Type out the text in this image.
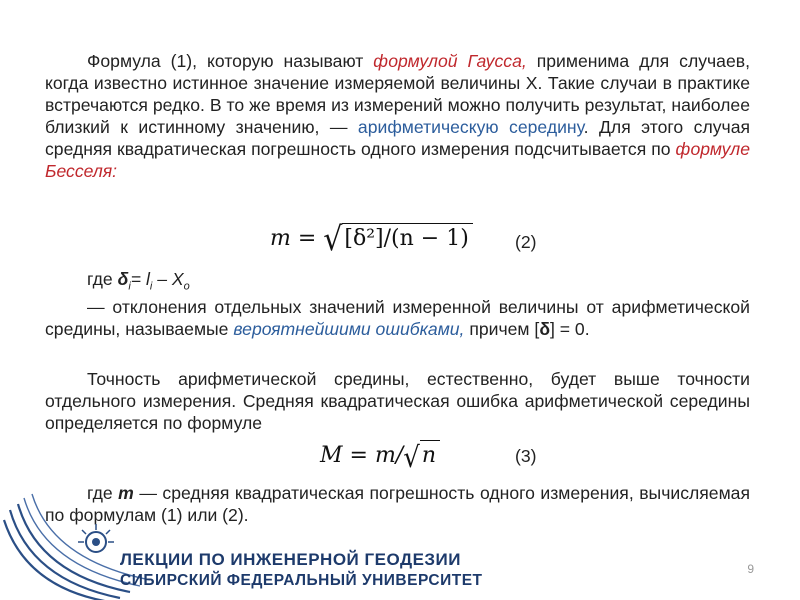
Формула (1), которую называют формулой Гаусса, применима для случаев, когда известно истинное значение измеряемой величины Х. Такие случаи в практике встречаются редко. В то же время из измерений можно получить результат, наиболее близкий к истинному значению, — арифметическую середину. Для этого случая средняя квадратическая погрешность одного измерения подсчитывается по формуле Бесселя:

m = √[δ²]/(n − 1)	(2)

где $\delta_i= l_i - X_o$

— отклонения отдельных значений измеренной величины от арифметической средины, называемые вероятнейшими ошибками, причем [δ] = 0.

Точность арифметической средины, естественно, будет выше точности отдельного измерения. Средняя квадратическая ошибка арифметической середины определяется по формуле

M = m/√n	(3)

где m — средняя квадратическая погрешность одного измерения, вычисляемая по формулам (1) или (2).

ЛЕКЦИИ ПО ИНЖЕНЕРНОЙ ГЕОДЕЗИИ
СИБИРСКИЙ ФЕДЕРАЛЬНЫЙ УНИВЕРСИТЕТ
9
